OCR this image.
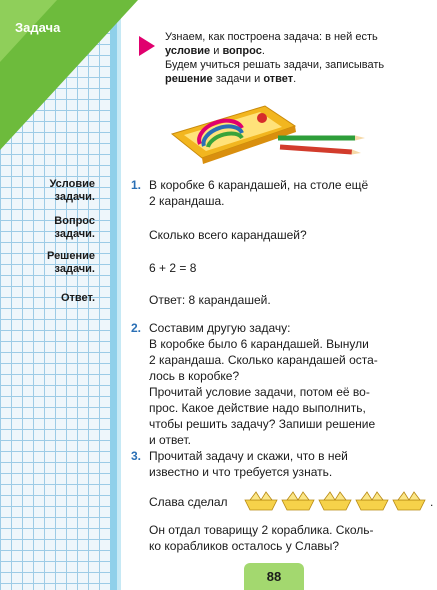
Задача

Узнаем, как построена задача: в ней есть

условие и вопрос.

Будем учиться решать задачи, записывать

решение задачи и ответ.

Условие
задачи.
Вопрос
задачи.
Решение
задачи.
Ответ.
1. В коробке 6 карандашей, на столе ещё
2 карандаша.
Сколько всего карандашей?
6 + 2 = 8
Ответ: 8 карандашей.
2. Составим другую задачу:
В коробке было 6 карандашей. Вынули
2 карандаша. Сколько карандашей оста-
лось в коробке?
Прочитай условие задачи, потом её во-
прос. Какое действие надо выполнить,
чтобы решить задачу? Запиши решение
и ответ.
3. Прочитай задачу и скажи, что в ней
известно и что требуется узнать.
Слава сделал	.
Он отдал товарищу 2 кораблика. Сколь-
ко корабликов осталось у Славы?
88
